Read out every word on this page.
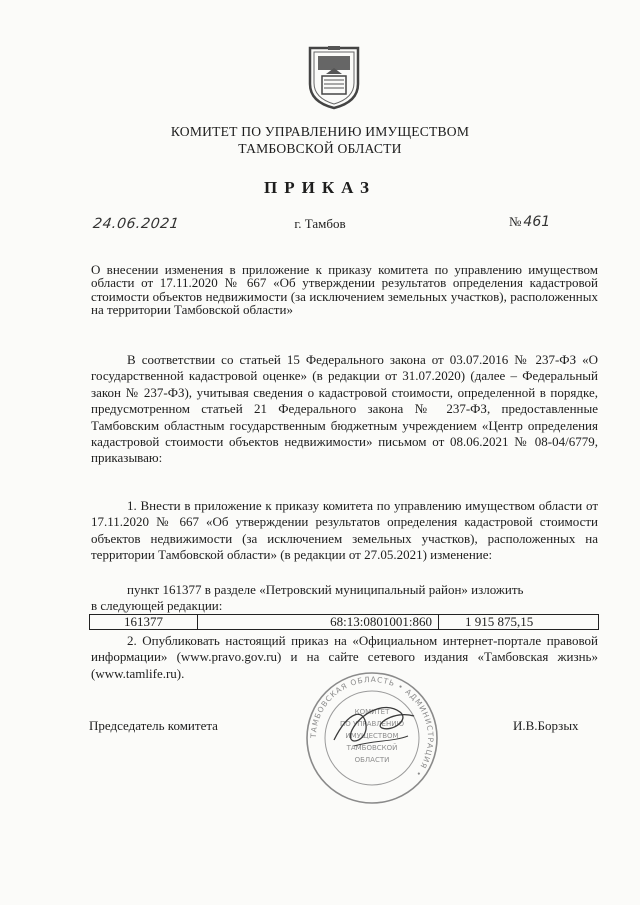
КОМИТЕТ ПО УПРАВЛЕНИЮ ИМУЩЕСТВОМ
ТАМБОВСКОЙ ОБЛАСТИ
ПРИКАЗ
24.06.2021	г. Тамбов	№ 461
О внесении изменения в приложение к приказу комитета по управлению имуществом области от 17.11.2020 № 667 «Об утверждении результатов определения кадастровой стоимости объектов недвижимости (за исключением земельных участков), расположенных на территории Тамбовской области»
В соответствии со статьей 15 Федерального закона от 03.07.2016 № 237-ФЗ «О государственной кадастровой оценке» (в редакции от 31.07.2020) (далее – Федеральный закон № 237-ФЗ), учитывая сведения о кадастровой стоимости, определенной в порядке, предусмотренном статьей 21 Федерального закона № 237-ФЗ, предоставленные Тамбовским областным государственным бюджетным учреждением «Центр определения кадастровой стоимости объектов недвижимости» письмом от 08.06.2021 № 08-04/6779, приказываю:
1. Внести в приложение к приказу комитета по управлению имуществом области от 17.11.2020 № 667 «Об утверждении результатов определения кадастровой стоимости объектов недвижимости (за исключением земельных участков), расположенных на территории Тамбовской области» (в редакции от 27.05.2021) изменение:
пункт 161377 в разделе «Петровский муниципальный район» изложить
в следующей редакции:
161377	68:13:0801001:860	1 915 875,15
2. Опубликовать настоящий приказ на «Официальном интернет-портале правовой информации» (www.pravo.gov.ru) и на сайте сетевого издания «Тамбовская жизнь» (www.tamlife.ru).
Председатель комитета	И.В.Борзых
ТАМБОВСКАЯ ОБЛАСТЬ • АДМИНИСТРАЦИЯ •
КОМИТЕТ
ПО УПРАВЛЕНИЮ
ИМУЩЕСТВОМ
ТАМБОВСКОЙ
ОБЛАСТИ
